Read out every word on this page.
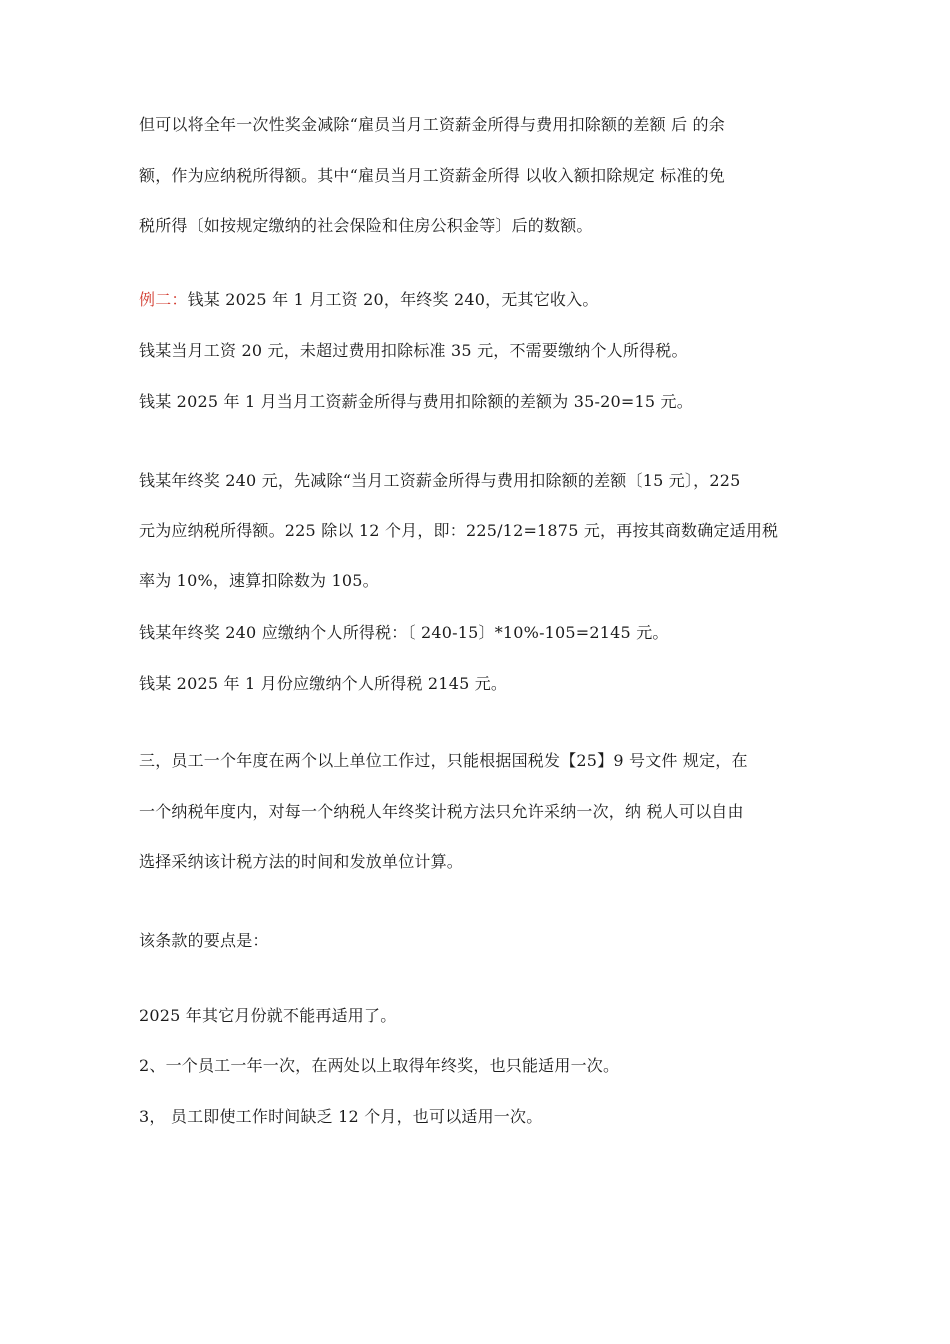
但可以将全年一次性奖金减除“雇员当月工资薪金所得与费用扣除额的差额 后 的余
额，作为应纳税所得额。其中“雇员当月工资薪金所得 以收入额扣除规定 标准的免
税所得〔如按规定缴纳的社会保险和住房公积金等〕后的数额。
例二：钱某 2025 年 1 月工资 20，年终奖 240，无其它收入。
钱某当月工资 20 元，未超过费用扣除标准 35 元，不需要缴纳个人所得税。
钱某 2025 年 1 月当月工资薪金所得与费用扣除额的差额为 35-20=15 元。
钱某年终奖 240 元，先减除“当月工资薪金所得与费用扣除额的差额〔15 元〕，225
元为应纳税所得额。225 除以 12 个月，即：225/12=1875 元，再按其商数确定适用税
率为 10%，速算扣除数为 105。
钱某年终奖 240 应缴纳个人所得税：〔 240-15〕*10%-105=2145 元。
钱某 2025 年 1 月份应缴纳个人所得税 2145 元。
三，员工一个年度在两个以上单位工作过，只能根据国税发【25】9 号文件 规定，在
一个纳税年度内，对每一个纳税人年终奖计税方法只允许采纳一次，纳 税人可以自由
选择采纳该计税方法的时间和发放单位计算。
该条款的要点是：
2025 年其它月份就不能再适用了。
2、一个员工一年一次，在两处以上取得年终奖，也只能适用一次。
3， 员工即使工作时间缺乏 12 个月，也可以适用一次。
